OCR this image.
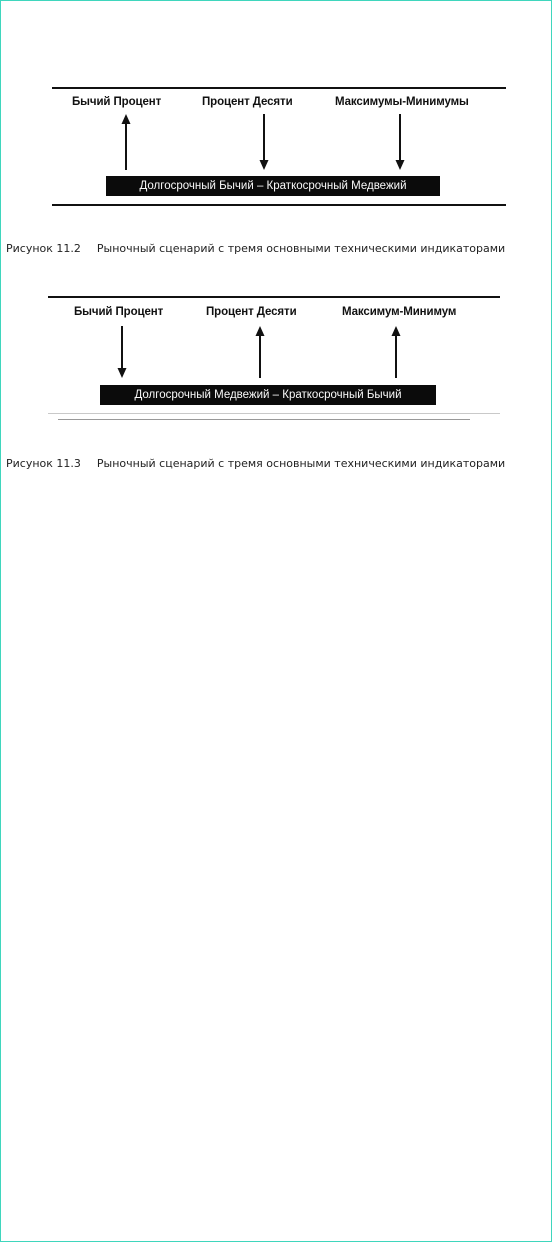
Бычий Процент	Процент Десяти	Максимумы-Минимумы
Долгосрочный Бычий – Краткосрочный Медвежий
Рисунок 11.2 Рыночный сценарий с тремя основными техническими индикаторами
Бычий Процент	Процент Десяти	Максимум-Минимум
Долгосрочный Медвежий – Краткосрочный Бычий
Рисунок 11.3 Рыночный сценарий с тремя основными техническими индикаторами
